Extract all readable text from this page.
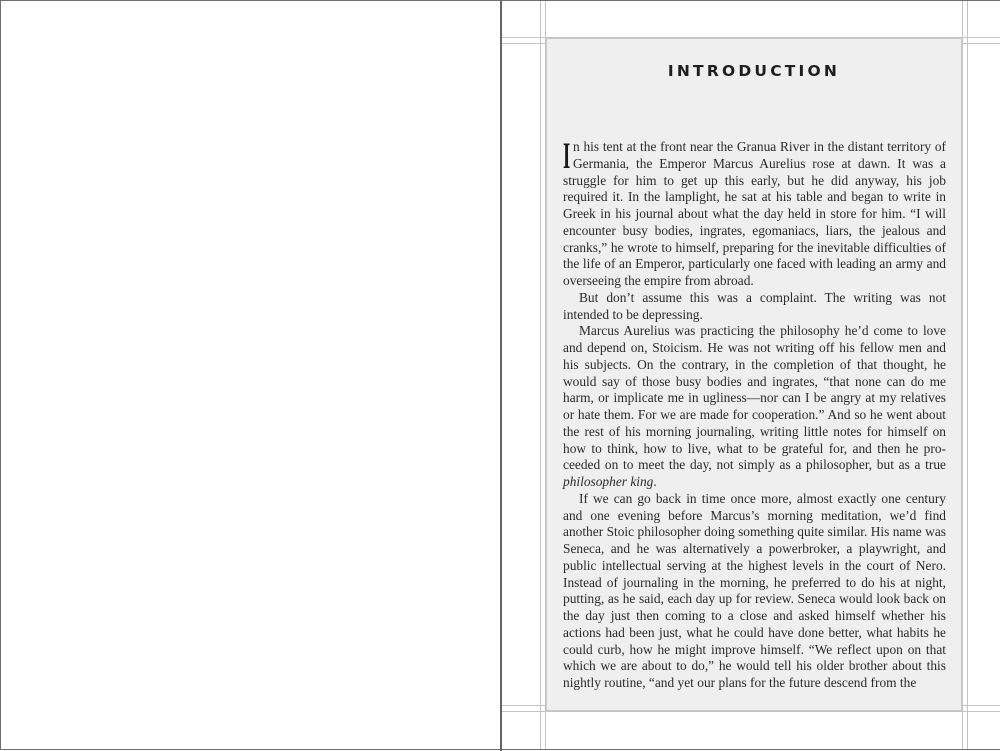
INTRODUCTION

In his tent at the front near the Granua River in the distant territory of Germania, the Emperor Marcus Aurelius rose at dawn. It was a struggle for him to get up this early, but he did anyway, his job required it. In the lamplight, he sat at his table and began to write in Greek in his journal about what the day held in store for him. “I will encounter busy bodies, ingrates, egomaniacs, liars, the jealous and cranks,” he wrote to himself, preparing for the inevitable difficulties of the life of an Emperor, particularly one faced with leading an army and overseeing the empire from abroad.

But don’t assume this was a complaint. The writing was not intended to be depressing.

Marcus Aurelius was practicing the philosophy he’d come to love and depend on, Stoicism. He was not writing off his fellow men and his subjects. On the contrary, in the completion of that thought, he would say of those busy bodies and ingrates, “that none can do me harm, or implicate me in ugliness—nor can I be angry at my relatives or hate them. For we are made for cooperation.” And so he went about the rest of his morning journaling, writing little notes for himself on how to think, how to live, what to be grateful for, and then he proceeded on to meet the day, not simply as a philosopher, but as a true philosopher king.

If we can go back in time once more, almost exactly one century and one evening before Marcus’s morning meditation, we’d find another Stoic philosopher doing something quite similar. His name was Seneca, and he was alternatively a powerbroker, a playwright, and public intellectual serving at the highest levels in the court of Nero. Instead of journaling in the morning, he preferred to do his at night, putting, as he said, each day up for review. Seneca would look back on the day just then coming to a close and asked himself whether his actions had been just, what he could have done better, what habits he could curb, how he might improve himself. “We reflect upon on that which we are about to do,” he would tell his older brother about this nightly routine, “and yet our plans for the future descend from the
